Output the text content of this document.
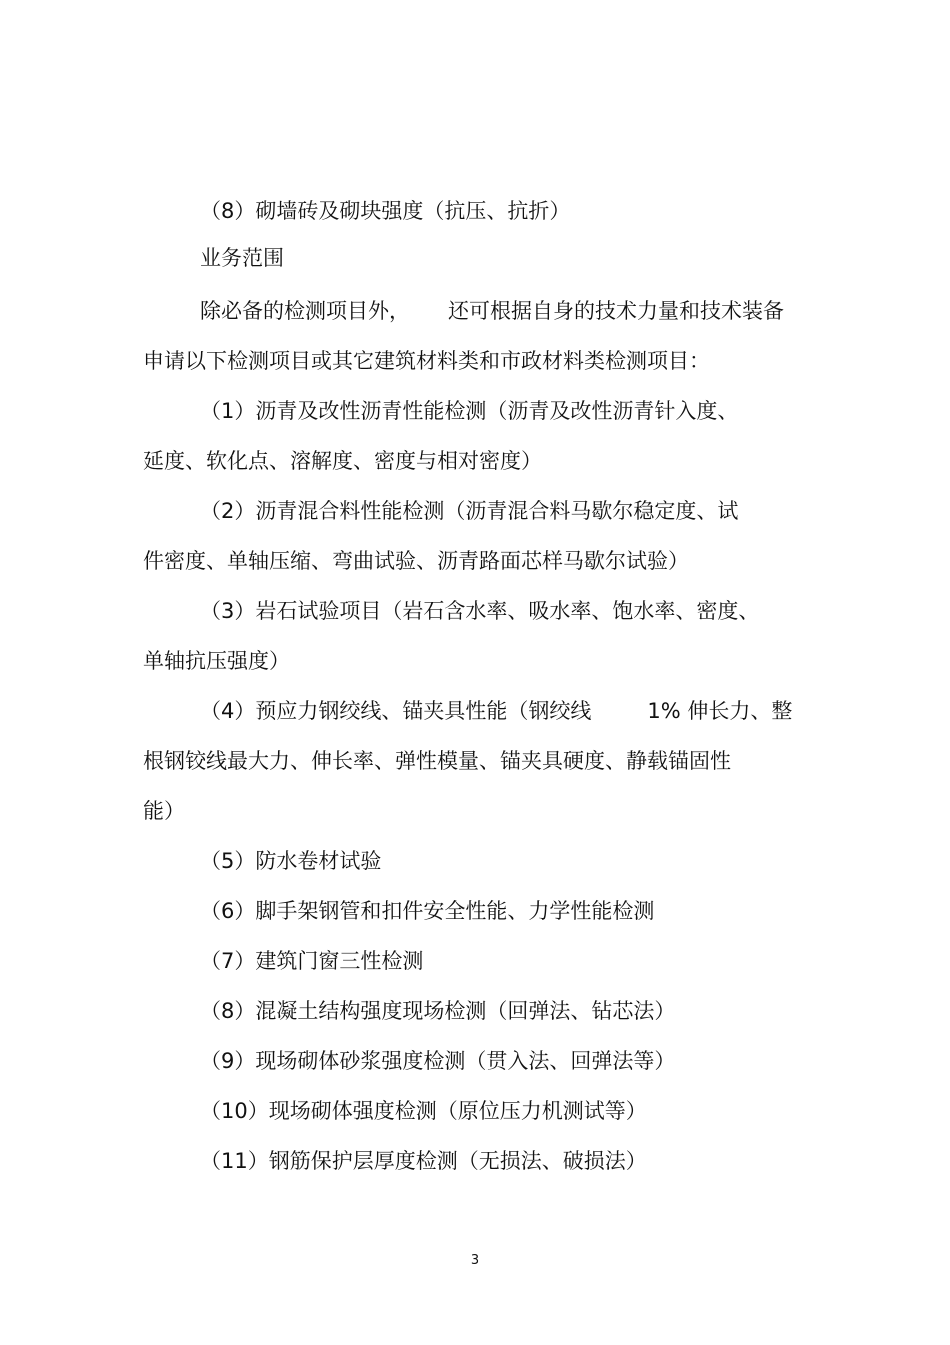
（8）砌墙砖及砌块强度（抗压、抗折）
业务范围
除必备的检测项目外， 还可根据自身的技术力量和技术装备
申请以下检测项目或其它建筑材料类和市政材料类检测项目：
（1）沥青及改性沥青性能检测（沥青及改性沥青针入度、
延度、软化点、溶解度、密度与相对密度）
（2）沥青混合料性能检测（沥青混合料马歇尔稳定度、试
件密度、单轴压缩、弯曲试验、沥青路面芯样马歇尔试验）
（3）岩石试验项目（岩石含水率、吸水率、饱水率、密度、
单轴抗压强度）
（4）预应力钢绞线、锚夹具性能（钢绞线	1% 伸长力、整
根钢铰线最大力、伸长率、弹性模量、锚夹具硬度、静载锚固性
能）
（5）防水卷材试验
（6）脚手架钢管和扣件安全性能、力学性能检测
（7）建筑门窗三性检测
（8）混凝土结构强度现场检测（回弹法、钻芯法）
（9）现场砌体砂浆强度检测（贯入法、回弹法等）
（10）现场砌体强度检测（原位压力机测试等）
（11）钢筋保护层厚度检测（无损法、破损法）
3
